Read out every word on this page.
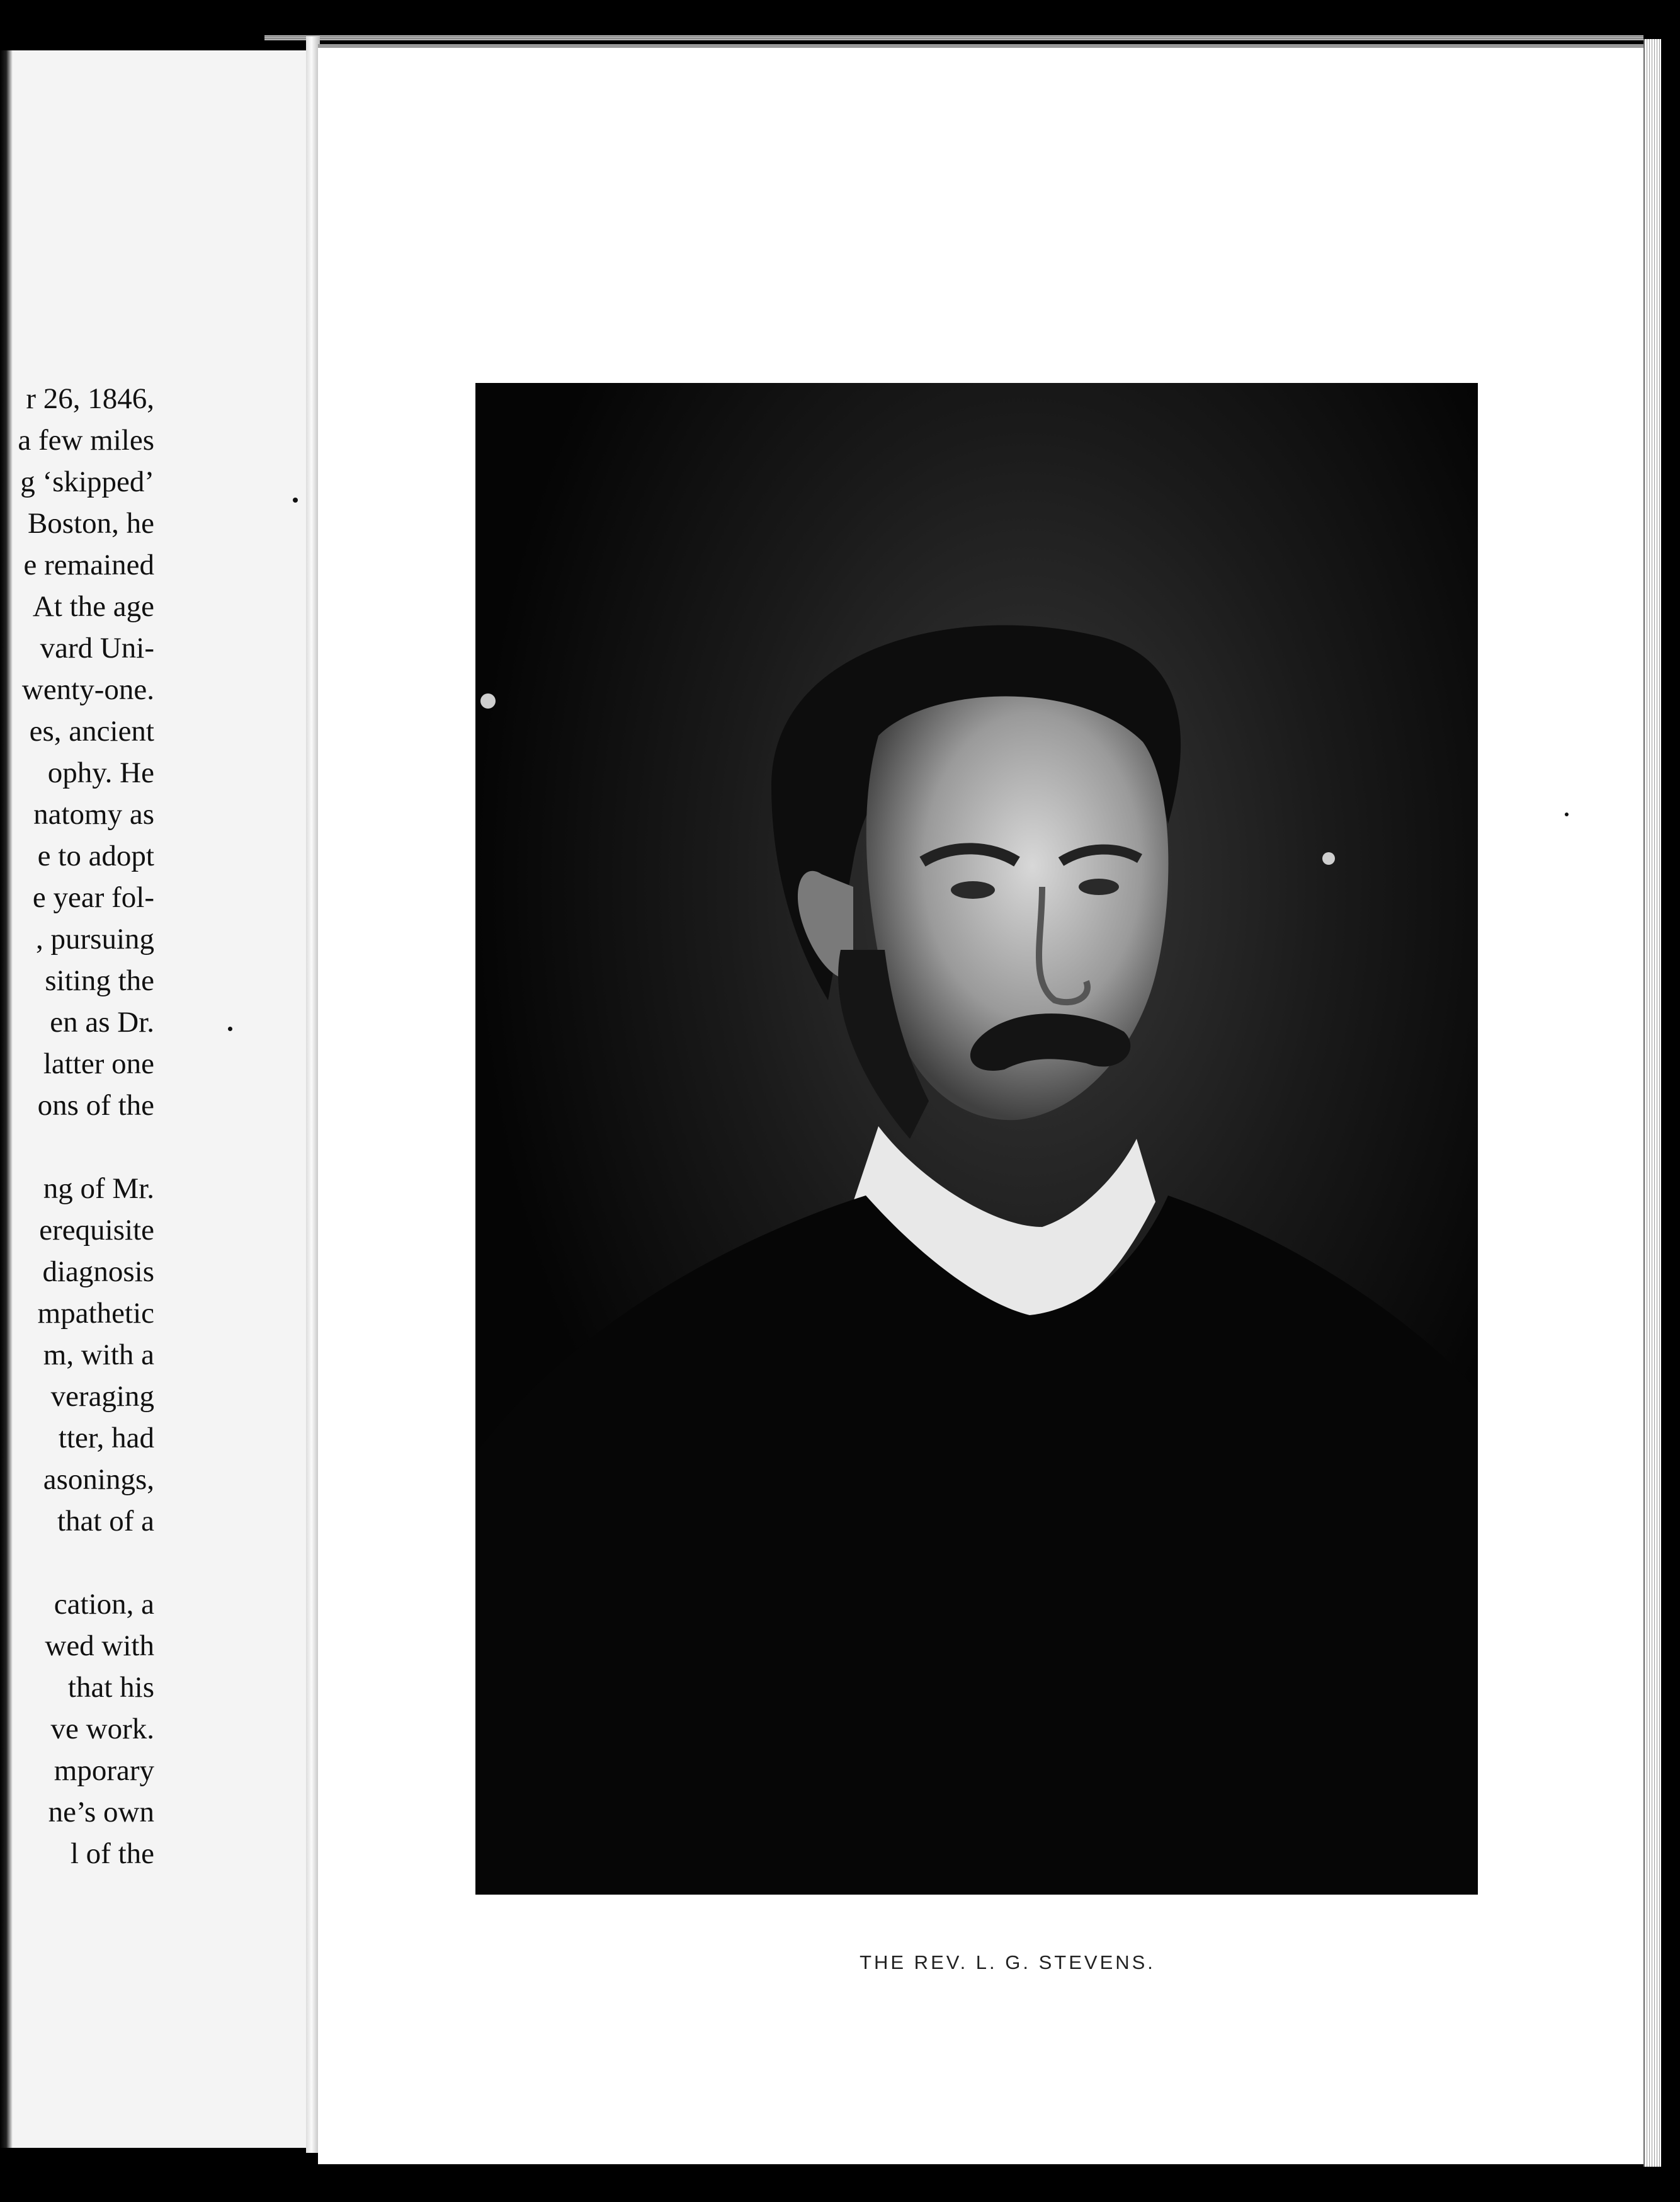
r 26, 1846,
a few miles
g ‘skipped’
Boston, he
e remained
At the age
vard Uni-
wenty-one.
es, ancient
ophy. He
natomy as
e to adopt
e year fol-
, pursuing
siting the
en as Dr.
latter one
ons of the
ng of Mr.
erequisite
diagnosis
mpathetic
m, with a
veraging
tter, had
asonings,
that of a
cation, a
wed with
that his
ve work.
mporary
ne’s own
l of the
THE REV. L. G. STEVENS.
